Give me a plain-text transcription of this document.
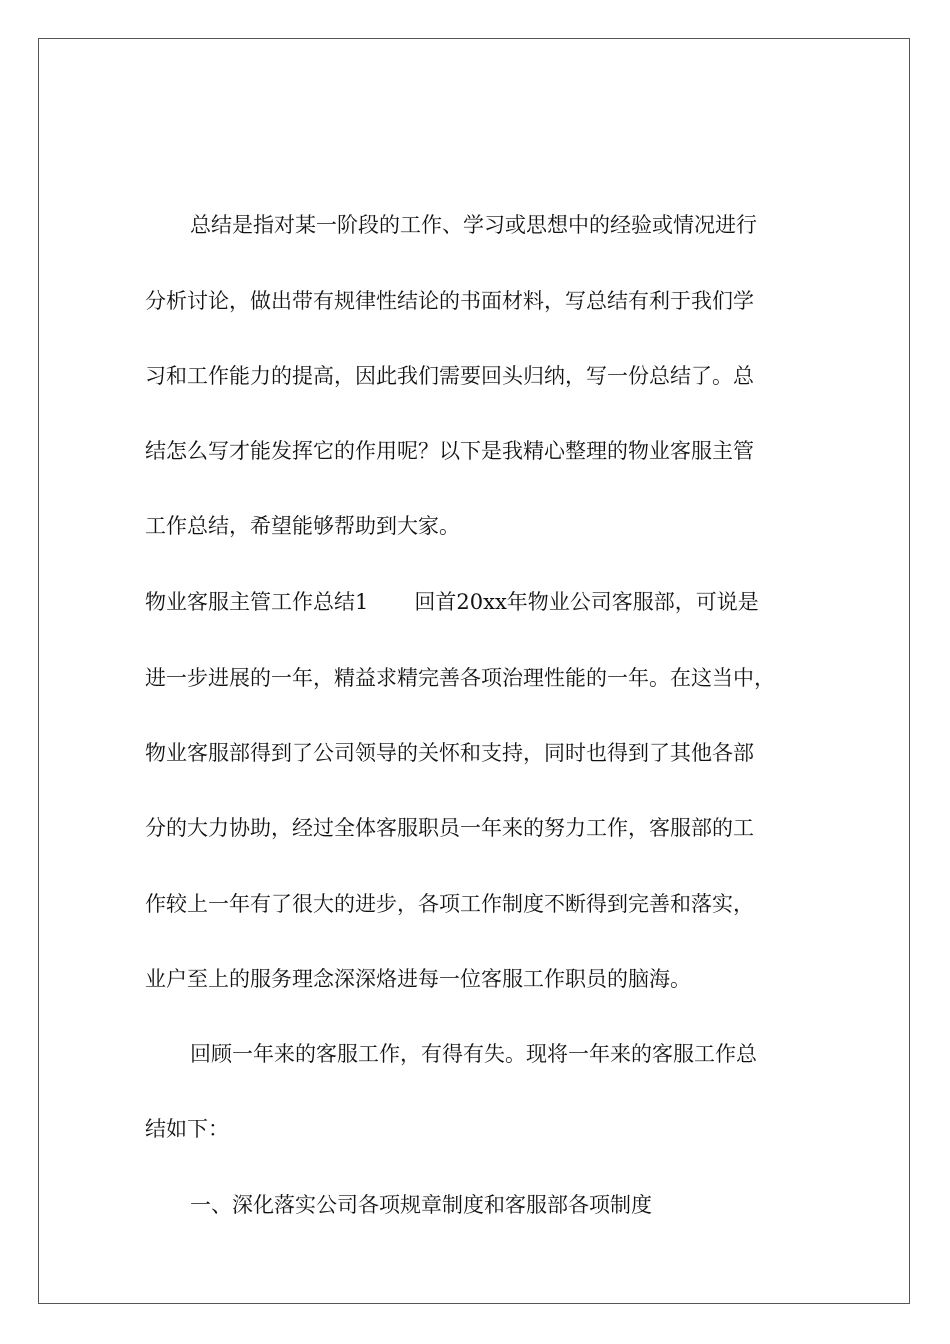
总结是指对某一阶段的工作、学习或思想中的经验或情况进行
分析讨论，做出带有规律性结论的书面材料，写总结有利于我们学
习和工作能力的提高，因此我们需要回头归纳，写一份总结了。总
结怎么写才能发挥它的作用呢？以下是我精心整理的物业客服主管
工作总结，希望能够帮助到大家。
物业客服主管工作总结1 回首20xx年物业公司客服部，可说是
进一步进展的一年，精益求精完善各项治理性能的一年。在这当中，
物业客服部得到了公司领导的关怀和支持，同时也得到了其他各部
分的大力协助，经过全体客服职员一年来的努力工作，客服部的工
作较上一年有了很大的进步，各项工作制度不断得到完善和落实，
业户至上的服务理念深深烙进每一位客服工作职员的脑海。
回顾一年来的客服工作，有得有失。现将一年来的客服工作总
结如下：
一、深化落实公司各项规章制度和客服部各项制度
